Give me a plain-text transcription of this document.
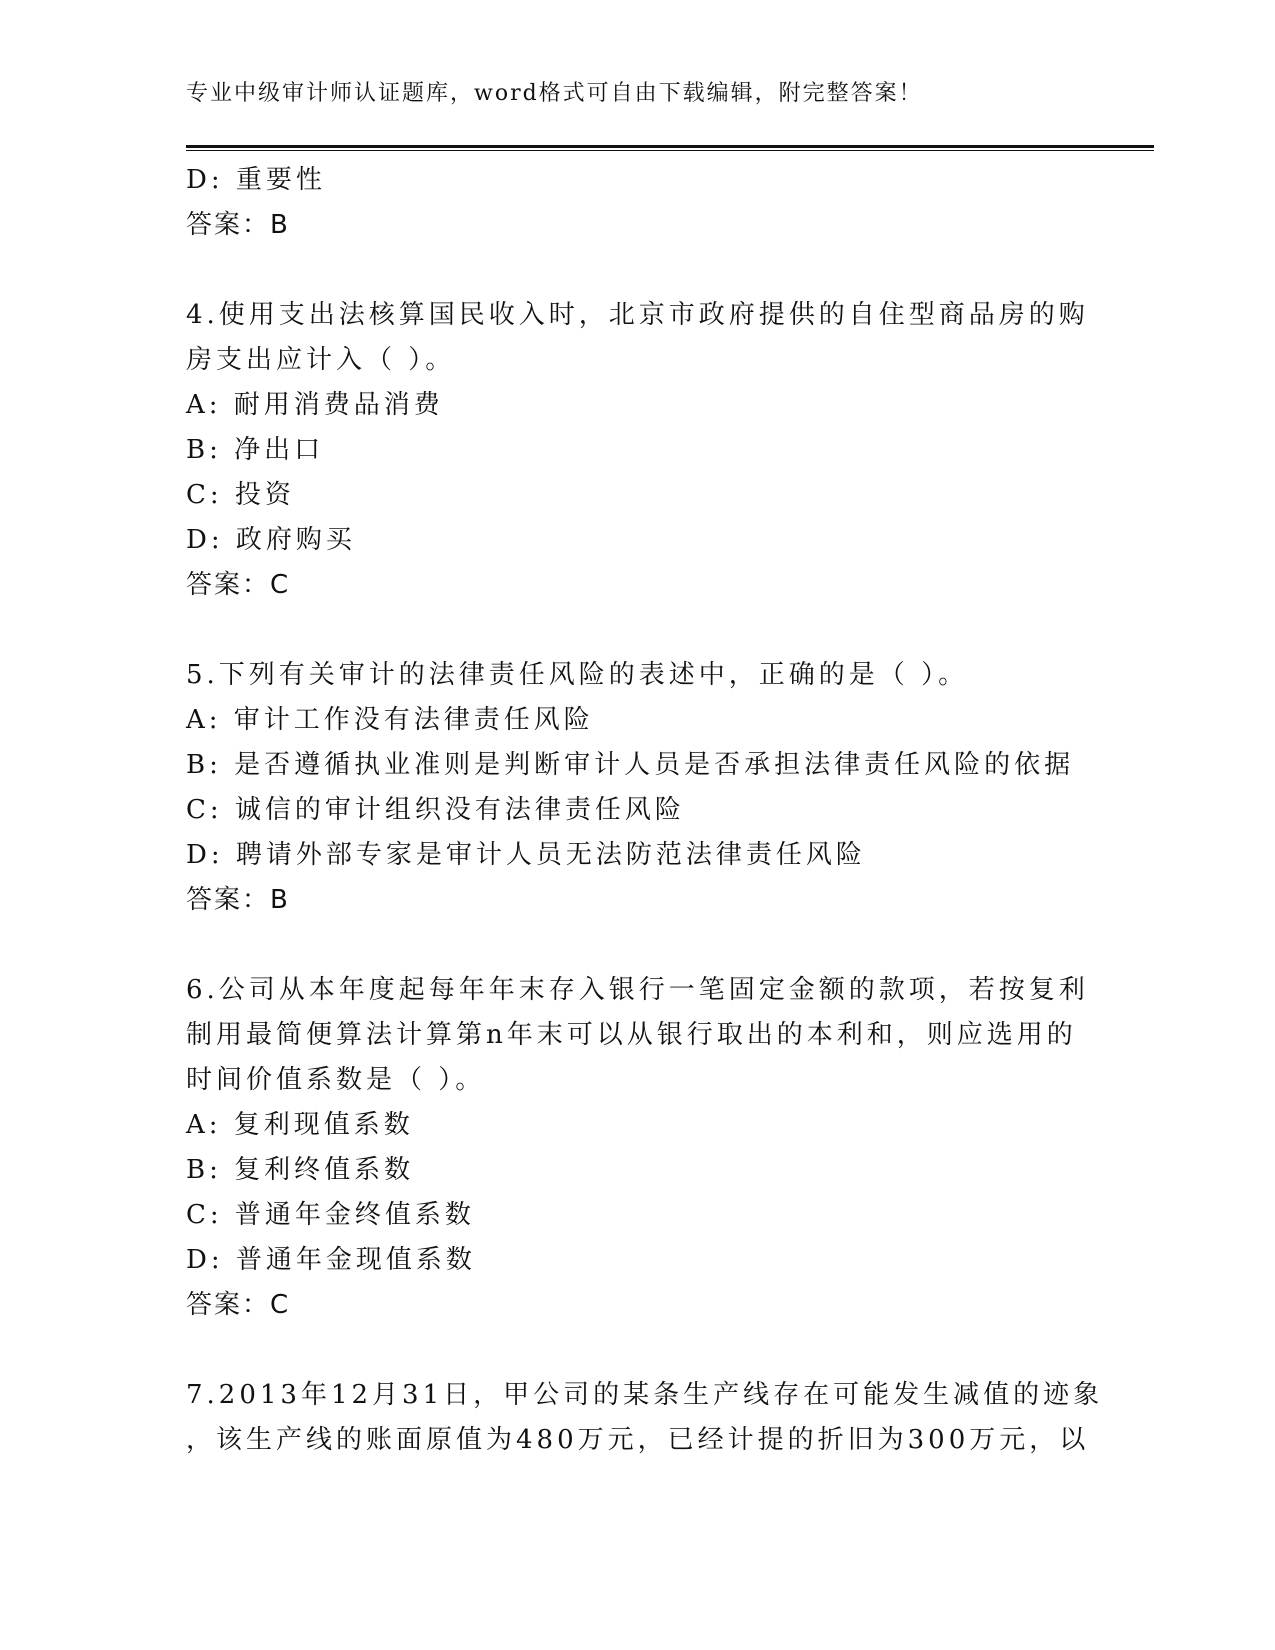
专业中级审计师认证题库，word格式可自由下载编辑，附完整答案！
D: 重要性
答案：B
4.使用支出法核算国民收入时，北京市政府提供的自住型商品房的购
房支出应计入（ ）。
A: 耐用消费品消费
B: 净出口
C: 投资
D: 政府购买
答案：C
5.下列有关审计的法律责任风险的表述中，正确的是（ ）。
A: 审计工作没有法律责任风险
B: 是否遵循执业准则是判断审计人员是否承担法律责任风险的依据
C: 诚信的审计组织没有法律责任风险
D: 聘请外部专家是审计人员无法防范法律责任风险
答案：B
6.公司从本年度起每年年末存入银行一笔固定金额的款项，若按复利
制用最简便算法计算第n年末可以从银行取出的本利和，则应选用的
时间价值系数是（ ）。
A: 复利现值系数
B: 复利终值系数
C: 普通年金终值系数
D: 普通年金现值系数
答案：C
7.2013年12月31日，甲公司的某条生产线存在可能发生减值的迹象
，该生产线的账面原值为480万元，已经计提的折旧为300万元，以
